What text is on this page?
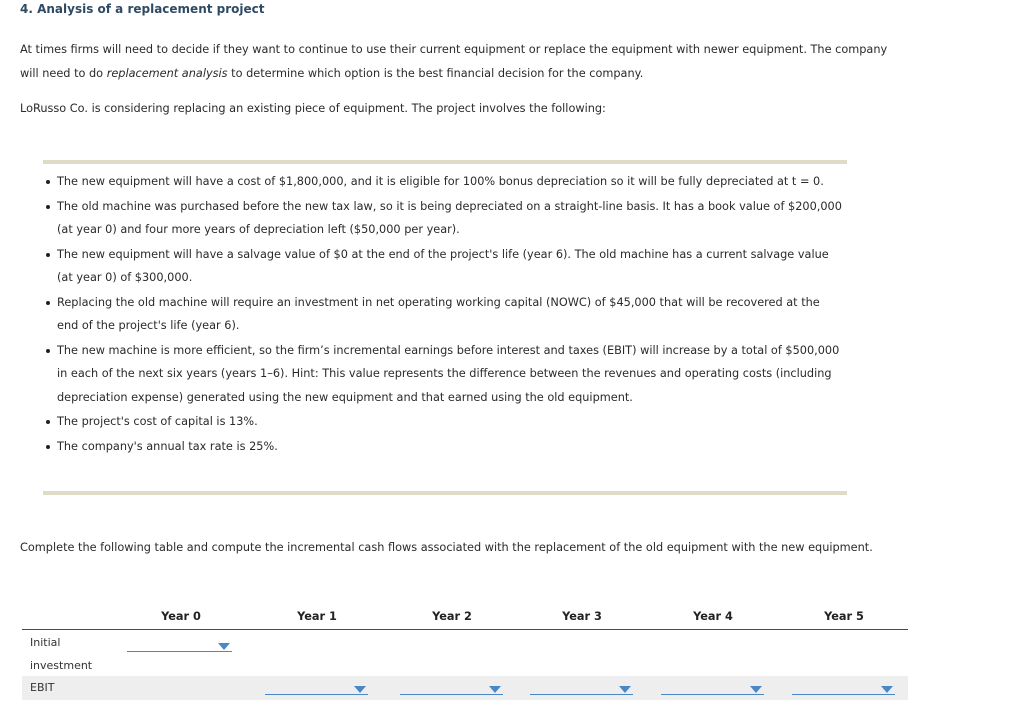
4. Analysis of a replacement project
At times firms will need to decide if they want to continue to use their current equipment or replace the equipment with newer equipment. The company will need to do replacement analysis to determine which option is the best financial decision for the company.
LoRusso Co. is considering replacing an existing piece of equipment. The project involves the following:
The new equipment will have a cost of $1,800,000, and it is eligible for 100% bonus depreciation so it will be fully depreciated at t = 0.
The old machine was purchased before the new tax law, so it is being depreciated on a straight-line basis. It has a book value of $200,000 (at year 0) and four more years of depreciation left ($50,000 per year).
The new equipment will have a salvage value of $0 at the end of the project's life (year 6). The old machine has a current salvage value (at year 0) of $300,000.
Replacing the old machine will require an investment in net operating working capital (NOWC) of $45,000 that will be recovered at the end of the project's life (year 6).
The new machine is more efficient, so the firm’s incremental earnings before interest and taxes (EBIT) will increase by a total of $500,000 in each of the next six years (years 1–6). Hint: This value represents the difference between the revenues and operating costs (including depreciation expense) generated using the new equipment and that earned using the old equipment.
The project's cost of capital is 13%.
The company's annual tax rate is 25%.
Complete the following table and compute the incremental cash flows associated with the replacement of the old equipment with the new equipment.
Year 0	Year 1	Year 2	Year 3	Year 4	Year 5
Initial
investment
EBIT
